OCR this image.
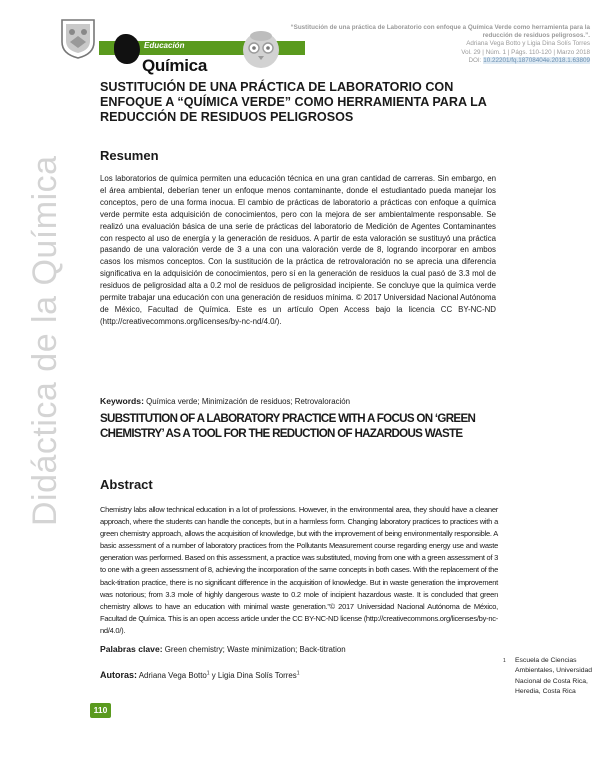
Educación
Química
“Sustitución de una práctica de Laboratorio con enfoque a Química Verde como herramienta para la reducción de residuos peligrosos.”.
Adriana Vega Botto y Ligia Dina Solís Torres
Vol. 29 | Núm. 1 | Págs. 110-120 | Marzo 2018
DOI: 10.22201/fq.18708404e.2018.1.63809
Didáctica de la Química
SUSTITUCIÓN DE UNA PRÁCTICA DE LABORATORIO CON ENFOQUE A “QUÍMICA VERDE” COMO HERRAMIENTA PARA LA REDUCCIÓN DE RESIDUOS PELIGROSOS
Resumen

Los laboratorios de química permiten una educación técnica en una gran cantidad de carreras. Sin embargo, en el área ambiental, deberían tener un enfoque menos contaminante, donde el estudiantado pueda manejar los conceptos, pero de una forma inocua. El cambio de prácticas de laboratorio a prácticas con enfoque a química verde permite esta adquisición de conocimientos, pero con la mejora de ser ambientalmente responsable. Se realizó una evaluación básica de una serie de prácticas del laboratorio de Medición de Agentes Contaminantes con respecto al uso de energía y la generación de residuos. A partir de esta valoración se sustituyó una práctica pasando de una valoración verde de 3 a una con una valoración verde de 8, logrando incorporar en ambos casos los mismos conceptos. Con la sustitución de la práctica de retrovaloración no se aprecia una diferencia significativa en la adquisición de conocimientos, pero sí en la generación de residuos la cual pasó de 3.3 mol de residuos de peligrosidad alta a 0.2 mol de residuos de peligrosidad incipiente. Se concluye que la química verde permite trabajar una educación con una generación de residuos mínima. © 2017 Universidad Nacional Autónoma de México, Facultad de Química. Este es un artículo Open Access bajo la licencia CC BY-NC-ND (http://creativecommons.org/licenses/by-nc-nd/4.0/).

Keywords: Química verde; Minimización de residuos; Retrovaloración
SUBSTITUTION OF A LABORATORY PRACTICE WITH A FOCUS ON ‘GREEN CHEMISTRY’ AS A TOOL FOR THE REDUCTION OF HAZARDOUS WASTE
Abstract

Chemistry labs allow technical education in a lot of professions. However, in the environmental area, they should have a cleaner approach, where the students can handle the concepts, but in a harmless form. Changing laboratory practices to practices with a green chemistry approach, allows the acquisition of knowledge, but with the improvement of being environmentally responsible. A basic assessment of a number of laboratory practices from the Pollutants Measurement course regarding energy use and waste generation was performed. Based on this assessment, a practice was substituted, moving from one with a green assessment of 3 to one with a green assessment of 8, achieving the incorporation of the same concepts in both cases. With the replacement of the back-titration practice, there is no significant difference in the acquisition of knowledge. But in waste generation the improvement was notorious; from 3.3 mole of highly dangerous waste to 0.2 mole of incipient hazardous waste. It is concluded that green chemistry allows to have an education with minimal waste generation.”© 2017 Universidad Nacional Autónoma de México, Facultad de Química. This is an open access article under the CC BY-NC-ND license (http://creativecommons.org/licenses/by-nc-nd/4.0/).

Palabras clave: Green chemistry; Waste minimization; Back-titration
Autoras: Adriana Vega Botto$^1$ y Ligia Dina Solís Torres$^1$
1	Escuela de Ciencias Ambientales, Universidad Nacional de Costa Rica, Heredia, Costa Rica
110
